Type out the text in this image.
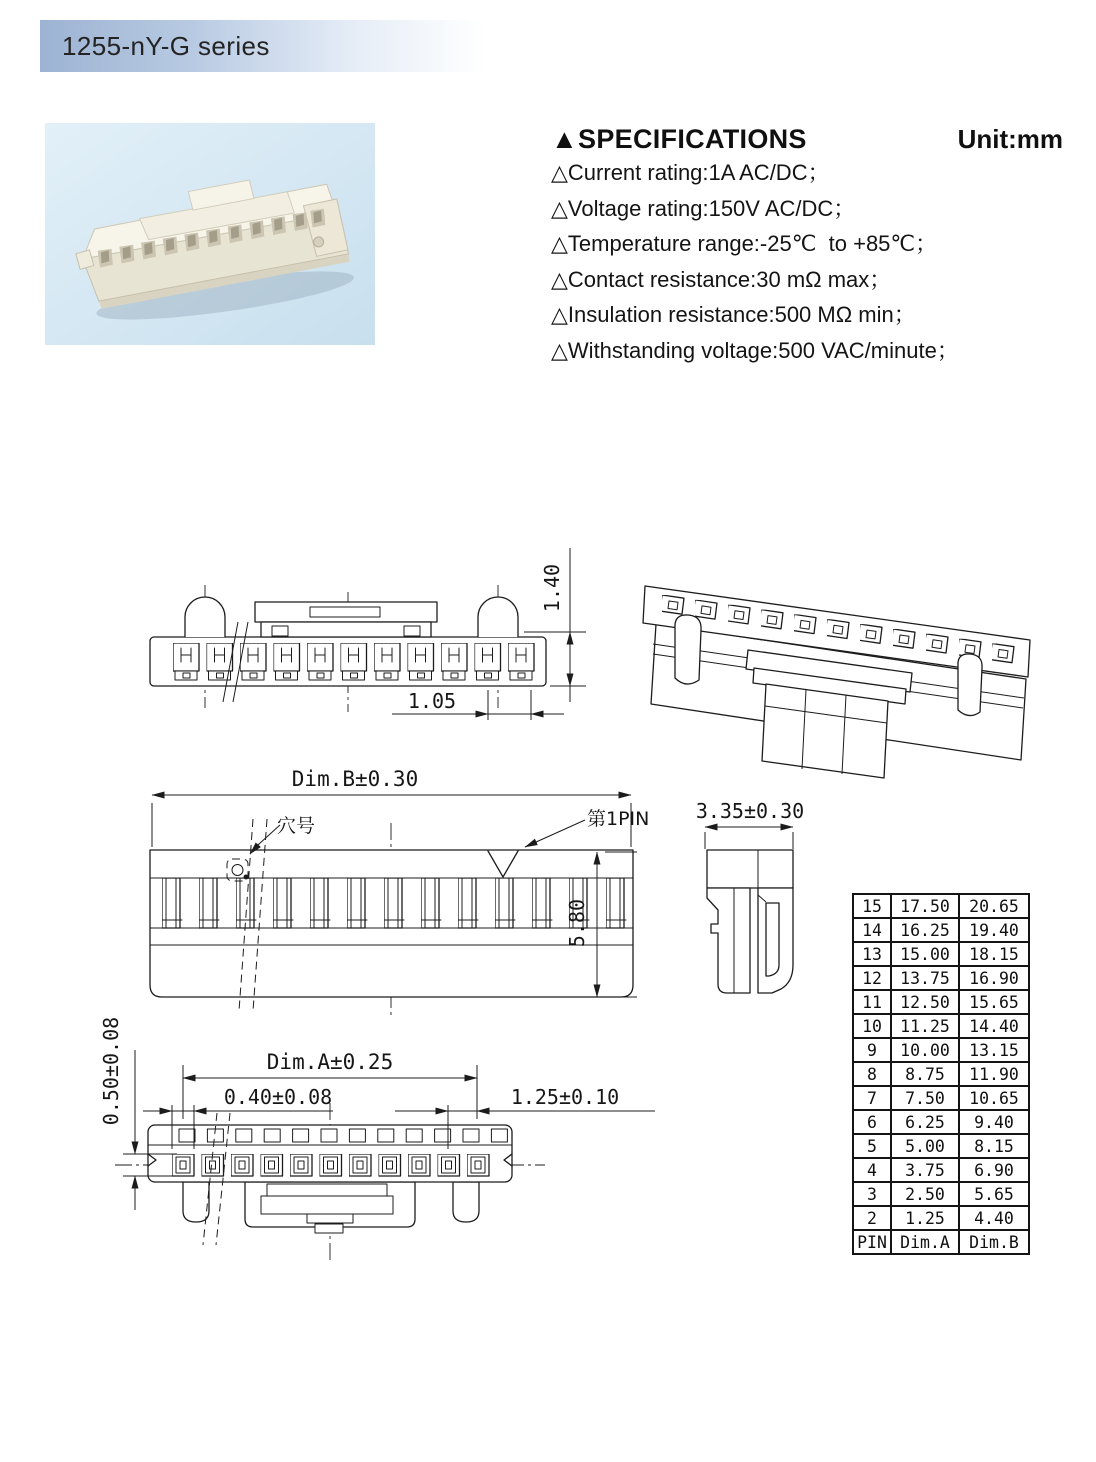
1255-nY-G series
▲SPECIFICATIONS	Unit:mm
△Current rating:1A AC/DC；
△Voltage rating:150V AC/DC；
△Temperature range:-25℃  to +85℃；
△Contact resistance:30 mΩ max；
△Insulation resistance:500 MΩ min；
△Withstanding voltage:500 VAC/minute；
1.40
1.05
穴号	第1PIN
Dim.B±0.30
5.80
3.35±0.30
Dim.A±0.25
0.40±0.08	1.25±0.10
0.50±0.08
15	17.50	20.65
14	16.25	19.40
13	15.00	18.15
12	13.75	16.90
11	12.50	15.65
10	11.25	14.40
9	10.00	13.15
8	8.75	11.90
7	7.50	10.65
6	6.25	9.40
5	5.00	8.15
4	3.75	6.90
3	2.50	5.65
2	1.25	4.40
PIN	Dim.A	Dim.B
